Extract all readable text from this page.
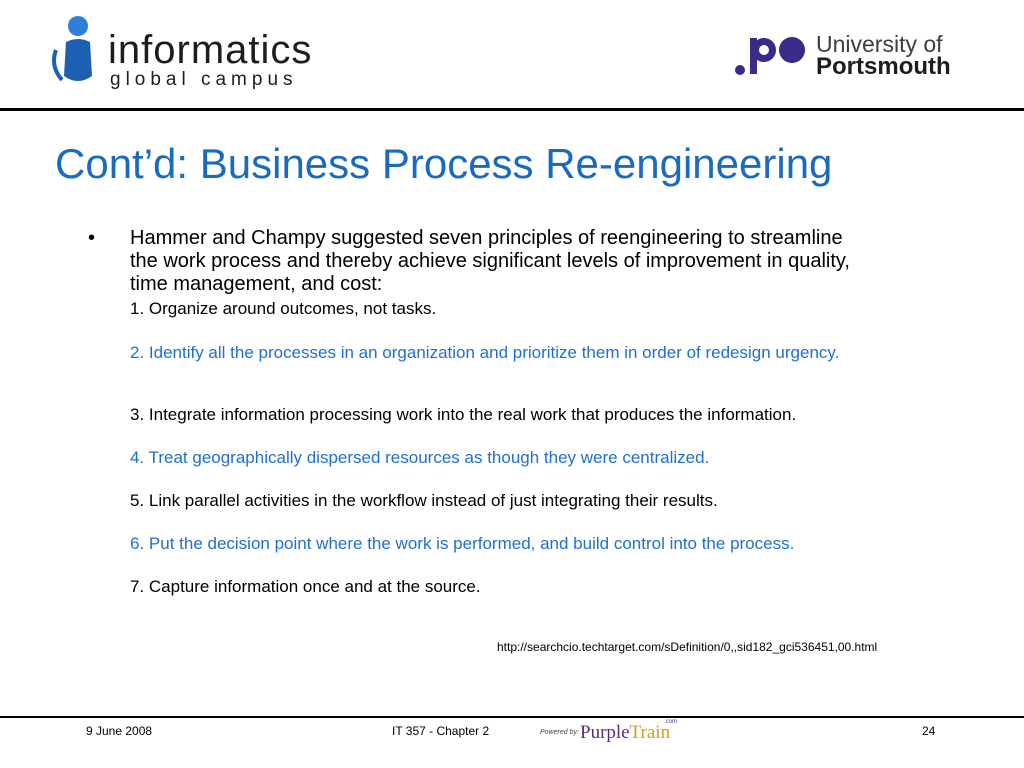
informatics
global campus
University of
Portsmouth
Cont’d: Business Process Re-engineering
• Hammer and Champy suggested seven principles of reengineering to streamline the work process and thereby achieve significant levels of improvement in quality, time management, and cost:

1. Organize around outcomes, not tasks.

2. Identify all the processes in an organization and prioritize them in order of redesign urgency.

3. Integrate information processing work into the real work that produces the information.

4. Treat geographically dispersed resources as though they were centralized.

5. Link parallel activities in the workflow instead of just integrating their results.

6. Put the decision point where the work is performed, and build control into the process.

7. Capture information once and at the source.

http://searchcio.techtarget.com/sDefinition/0,,sid182_gci536451,00.html
9 June 2008	IT 357 - Chapter 2	Powered by: PurpleTrain
.com
24
